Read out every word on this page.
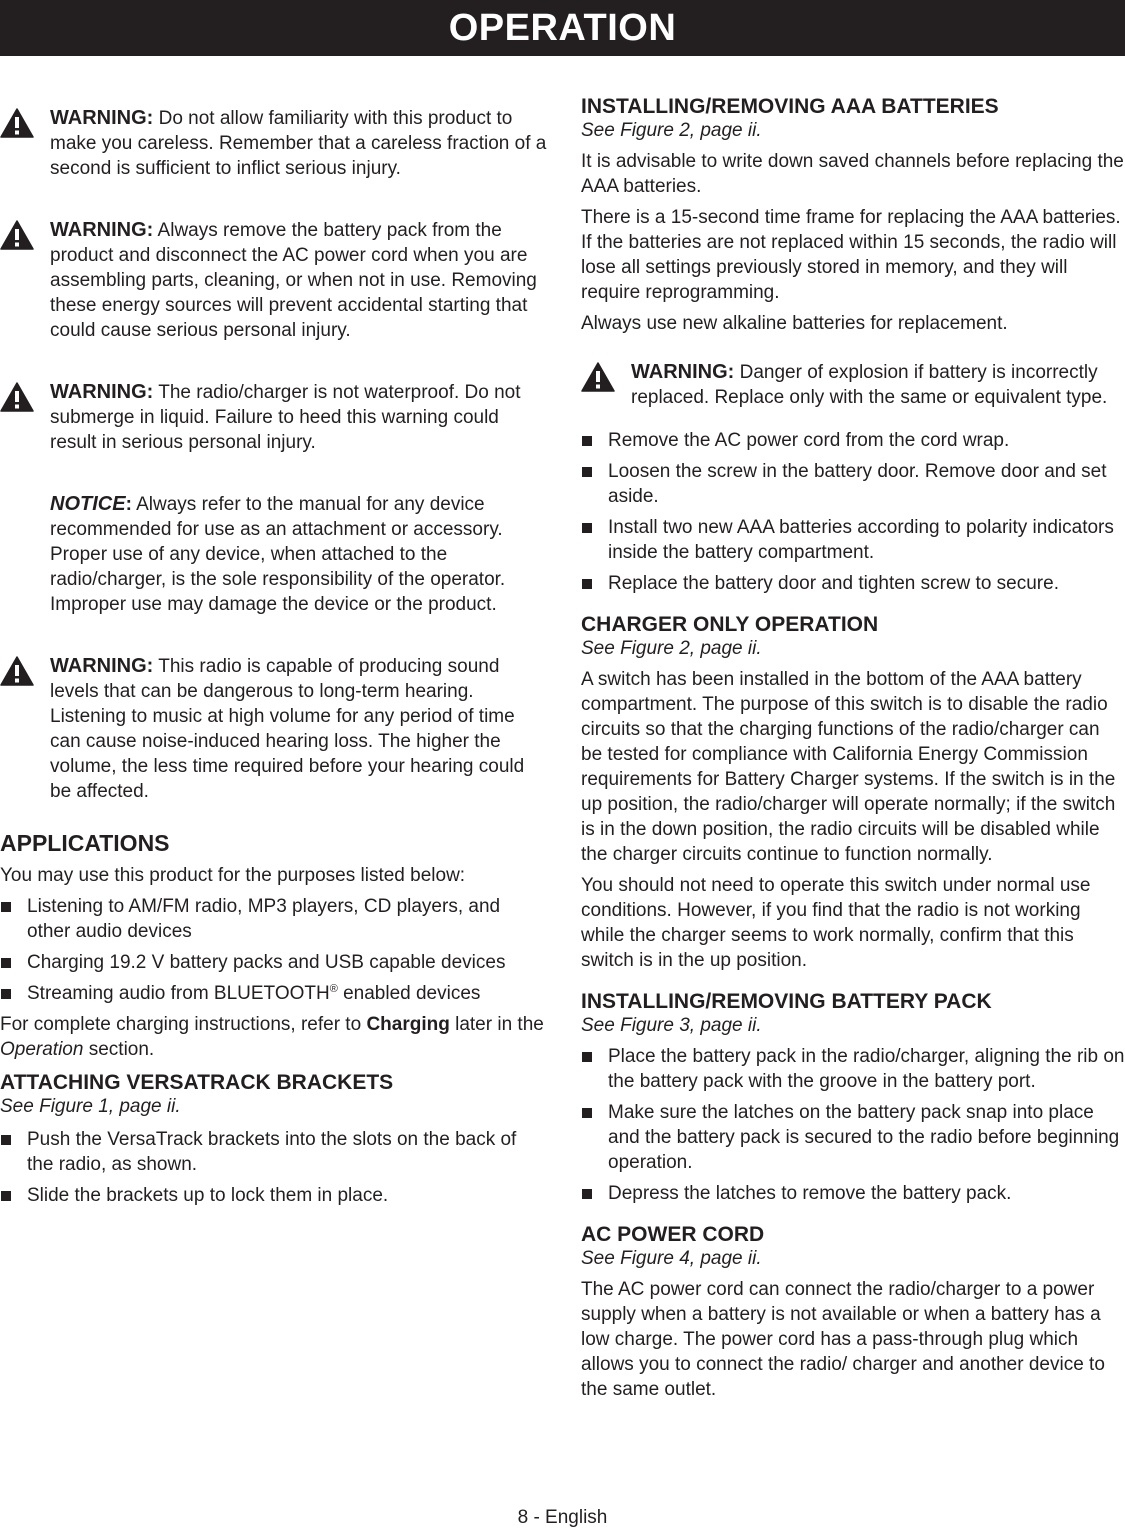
OPERATION
WARNING: Do not allow familiarity with this product to make you careless. Remember that a careless fraction of a second is sufficient to inflict serious injury.
WARNING: Always remove the battery pack from the product and disconnect the AC power cord when you are assembling parts, cleaning, or when not in use. Removing these energy sources will prevent accidental starting that could cause serious personal injury.
WARNING: The radio/charger is not waterproof. Do not submerge in liquid. Failure to heed this warning could result in serious personal injury.
NOTICE: Always refer to the manual for any device recommended for use as an attachment or accessory. Proper use of any device, when attached to the radio/charger, is the sole responsibility of the operator. Improper use may damage the device or the product.
WARNING: This radio is capable of producing sound levels that can be dangerous to long-term hearing. Listening to music at high volume for any period of time can cause noise-induced hearing loss. The higher the volume, the less time required before your hearing could be affected.
APPLICATIONS

You may use this product for the purposes listed below:

Listening to AM/FM radio, MP3 players, CD players, and other audio devices
Charging 19.2 V battery packs and USB capable devices
Streaming audio from BLUETOOTH® enabled devices

For complete charging instructions, refer to Charging later in the Operation section.

ATTACHING VERSATRACK BRACKETS

See Figure 1, page ii.

Push the VersaTrack brackets into the slots on the back of the radio, as shown.
Slide the brackets up to lock them in place.
INSTALLING/REMOVING AAA BATTERIES

See Figure 2, page ii.

It is advisable to write down saved channels before replacing the AAA batteries.

There is a 15-second time frame for replacing the AAA batteries. If the batteries are not replaced within 15 seconds, the radio will lose all settings previously stored in memory, and they will require reprogramming.

Always use new alkaline batteries for replacement.

WARNING: Danger of explosion if battery is incorrectly replaced. Replace only with the same or equivalent type.
Remove the AC power cord from the cord wrap.
Loosen the screw in the battery door. Remove door and set aside.
Install two new AAA batteries according to polarity indicators inside the battery compartment.
Replace the battery door and tighten screw to secure.
CHARGER ONLY OPERATION

See Figure 2, page ii.

A switch has been installed in the bottom of the AAA battery compartment. The purpose of this switch is to disable the radio circuits so that the charging functions of the radio/charger can be tested for compliance with California Energy Commission requirements for Battery Charger systems. If the switch is in the up position, the radio/charger will operate normally; if the switch is in the down position, the radio circuits will be disabled while the charger circuits continue to function normally.

You should not need to operate this switch under normal use conditions. However, if you find that the radio is not working while the charger seems to work normally, confirm that this switch is in the up position.

INSTALLING/REMOVING BATTERY PACK

See Figure 3, page ii.

Place the battery pack in the radio/charger, aligning the rib on the battery pack with the groove in the battery port.
Make sure the latches on the battery pack snap into place and the battery pack is secured to the radio before beginning operation.
Depress the latches to remove the battery pack.
AC POWER CORD

See Figure 4, page ii.

The AC power cord can connect the radio/charger to a power supply when a battery is not available or when a battery has a low charge. The power cord has a pass-through plug which allows you to connect the radio/ charger and another device to the same outlet.

8 - English
